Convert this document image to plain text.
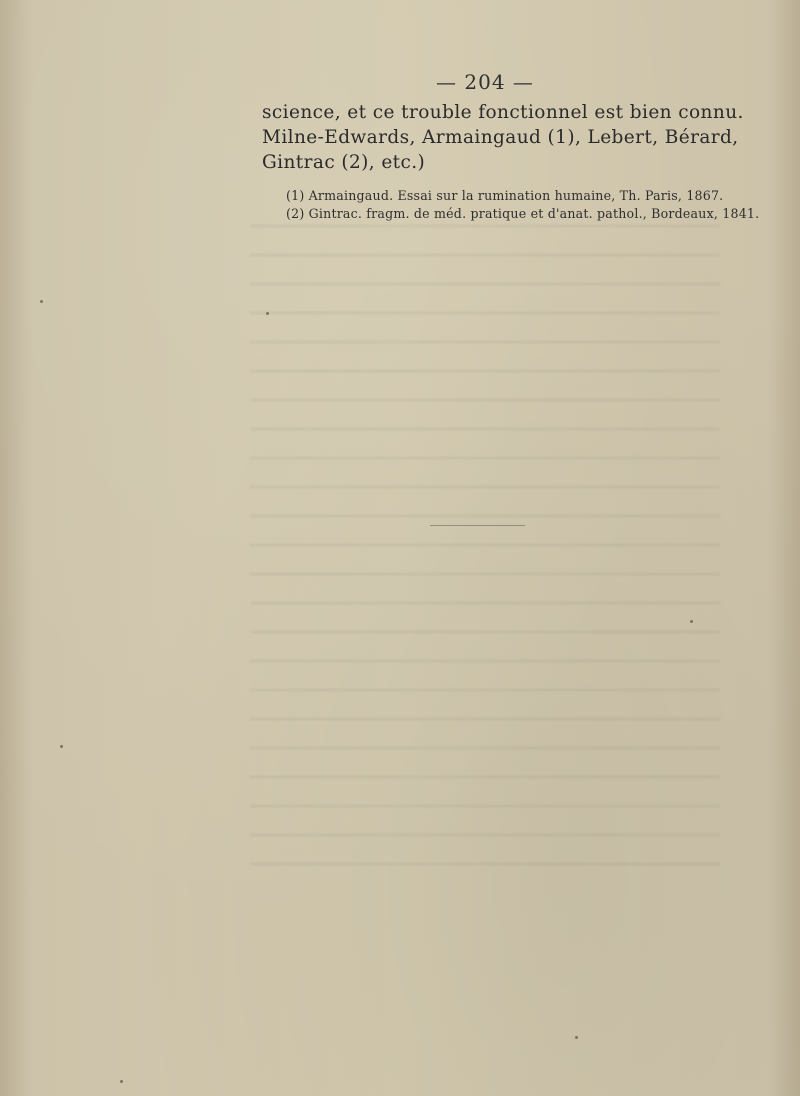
— 204 —
science, et ce trouble fonctionnel est bien connu.
Milne-Edwards, Armaingaud (1), Lebert, Bérard,
Gintrac (2), etc.)
(1) Armaingaud. Essai sur la rumination humaine, Th. Paris, 1867.
(2) Gintrac. fragm. de méd. pratique et d'anat. pathol., Bordeaux, 1841.
